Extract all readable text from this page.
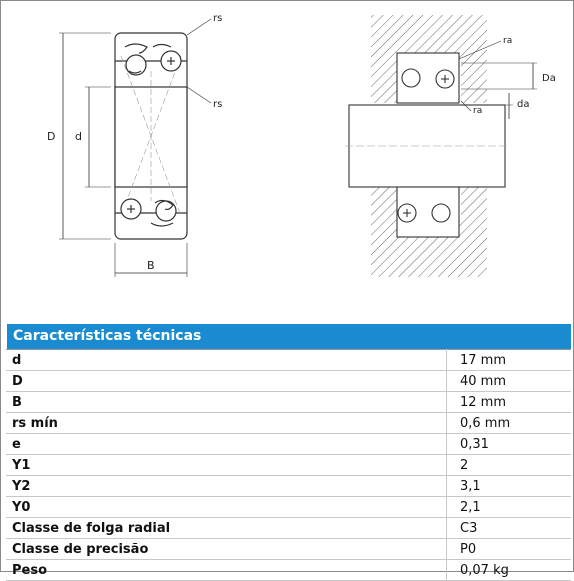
D d
B
rs
rs
ra
ra
Da
da
Características técnicas
d	17 mm
D	40 mm
B	12 mm
rs mín	0,6 mm
e	0,31
Y1	2
Y2	3,1
Y0	2,1
Classe de folga radial	C3
Classe de precisão	P0
Peso	0,07 kg
